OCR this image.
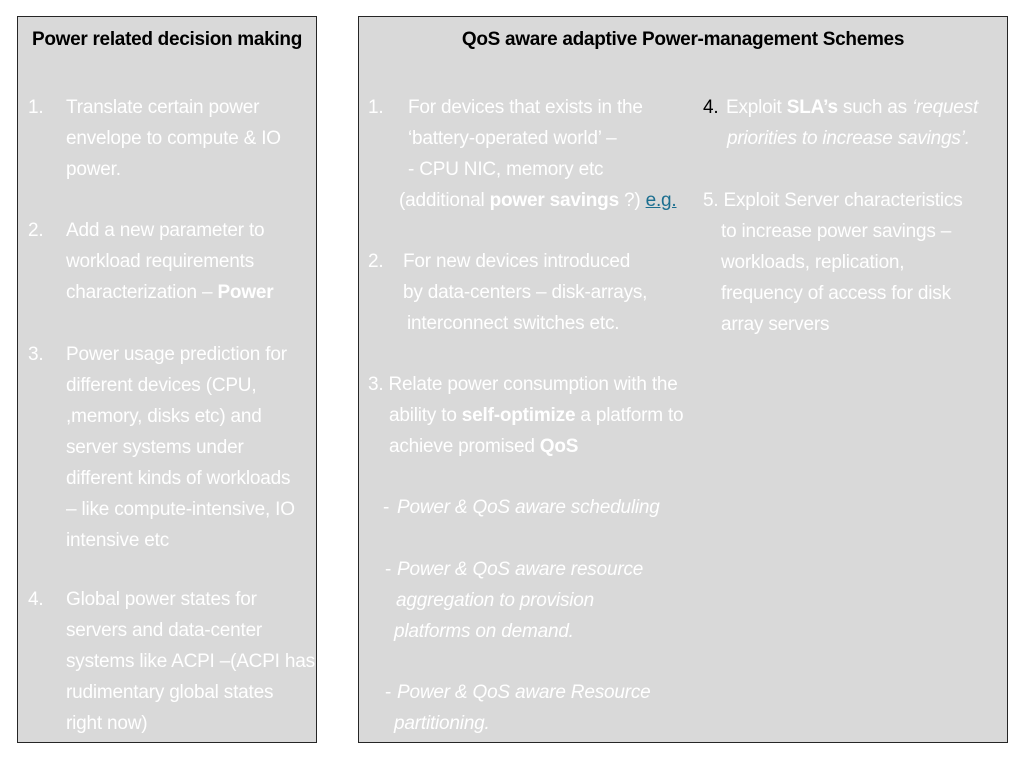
Power related decision making
1. Translate certain power
envelope to compute & IO
power.
2. Add a new parameter to
workload requirements
characterization – Power
3. Power usage prediction for
different devices (CPU,
,memory, disks etc) and
server systems under
different kinds of workloads
– like compute-intensive, IO
intensive etc
4. Global power states for
servers and data-center
systems like ACPI –(ACPI has
rudimentary global states
right now)
QoS aware adaptive Power-management Schemes
1. For devices that exists in the
‘battery-operated world’ –
- CPU NIC, memory etc
(additional power savings ?) e.g.
2. For new devices introduced
by data-centers – disk-arrays,
interconnect switches etc.
3. Relate power consumption with the
ability to self-optimize a platform to
achieve promised QoS
- Power & QoS aware scheduling
- Power & QoS aware resource
aggregation to provision
platforms on demand.
- Power & QoS aware Resource
partitioning.
4. Exploit SLA’s such as ‘request
priorities to increase savings’.
5. Exploit Server characteristics
to increase power savings –
workloads, replication,
frequency of access for disk
array servers
